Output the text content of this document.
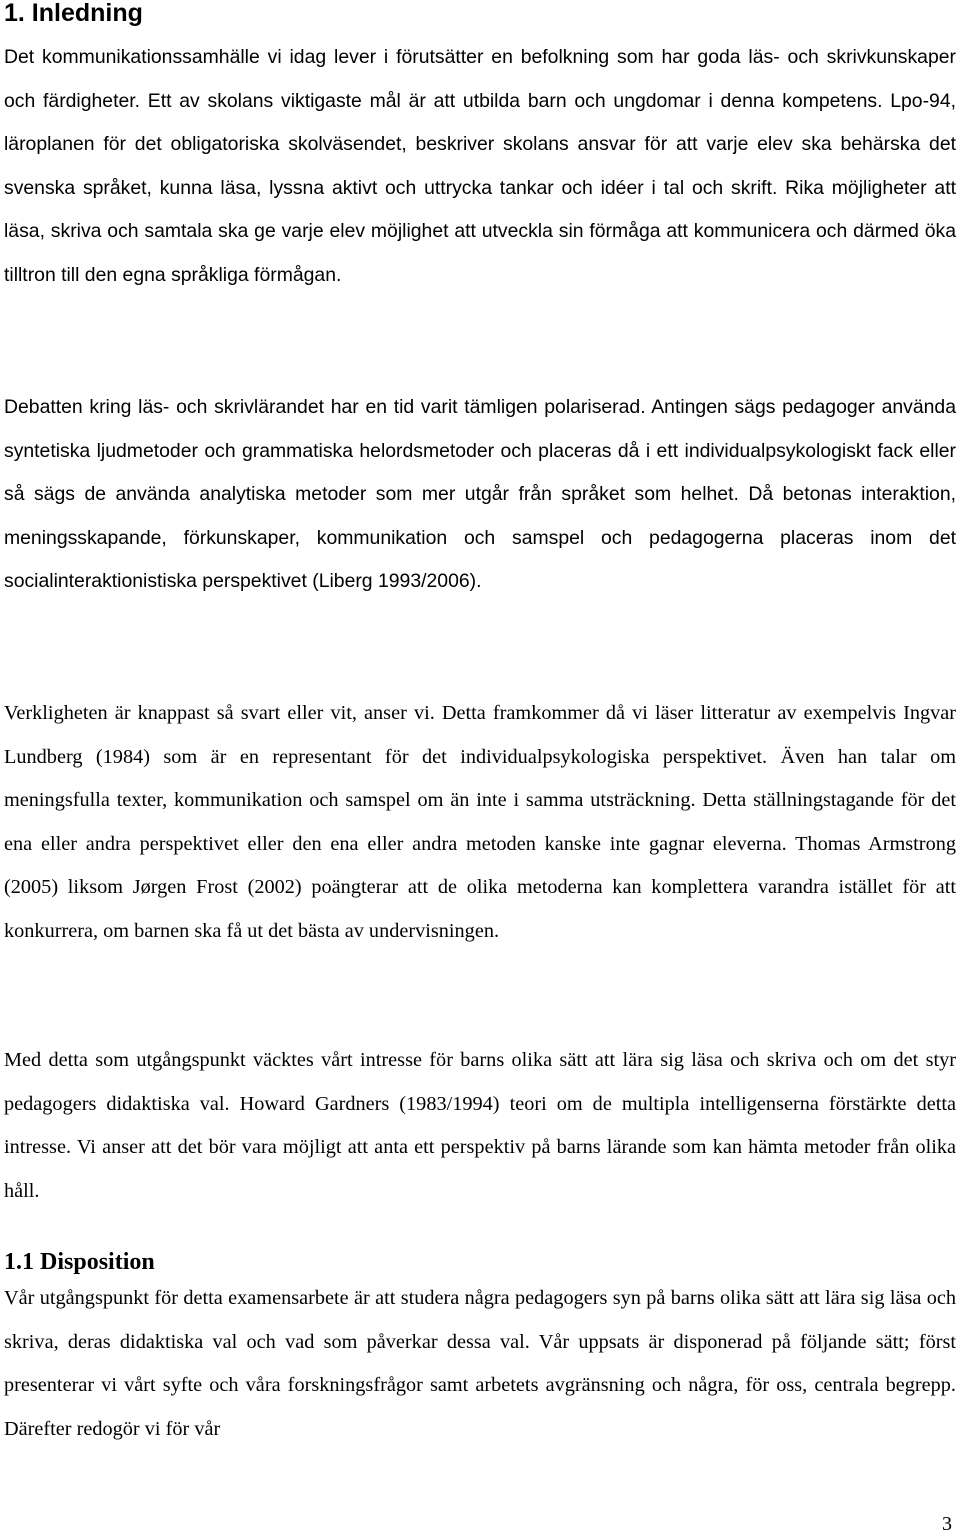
1. Inledning

Det kommunikationssamhälle vi idag lever i förutsätter en befolkning som har goda läs- och skrivkunskaper och färdigheter. Ett av skolans viktigaste mål är att utbilda barn och ungdomar i denna kompetens. Lpo-94, läroplanen för det obligatoriska skolväsendet, beskriver skolans ansvar för att varje elev ska behärska det svenska språket, kunna läsa, lyssna aktivt och uttrycka tankar och idéer i tal och skrift. Rika möjligheter att läsa, skriva och samtala ska ge varje elev möjlighet att utveckla sin förmåga att kommunicera och därmed öka tilltron till den egna språkliga förmågan.

Debatten kring läs- och skrivlärandet har en tid varit tämligen polariserad. Antingen sägs pedagoger använda syntetiska ljudmetoder och grammatiska helordsmetoder och placeras då i ett individualpsykologiskt fack eller så sägs de använda analytiska metoder som mer utgår från språket som helhet. Då betonas interaktion, meningsskapande, förkunskaper, kommunikation och samspel och pedagogerna placeras inom det socialinteraktionistiska perspektivet (Liberg 1993/2006).

Verkligheten är knappast så svart eller vit, anser vi. Detta framkommer då vi läser litteratur av exempelvis Ingvar Lundberg (1984) som är en representant för det individualpsykologiska perspektivet. Även han talar om meningsfulla texter, kommunikation och samspel om än inte i samma utsträckning. Detta ställningstagande för det ena eller andra perspektivet eller den ena eller andra metoden kanske inte gagnar eleverna. Thomas Armstrong (2005) liksom Jørgen Frost (2002) poängterar att de olika metoderna kan komplettera varandra istället för att konkurrera, om barnen ska få ut det bästa av undervisningen.

Med detta som utgångspunkt väcktes vårt intresse för barns olika sätt att lära sig läsa och skriva och om det styr pedagogers didaktiska val. Howard Gardners (1983/1994) teori om de multipla intelligenserna förstärkte detta intresse. Vi anser att det bör vara möjligt att anta ett perspektiv på barns lärande som kan hämta metoder från olika håll.

1.1 Disposition

Vår utgångspunkt för detta examensarbete är att studera några pedagogers syn på barns olika sätt att lära sig läsa och skriva, deras didaktiska val och vad som påverkar dessa val. Vår uppsats är disponerad på följande sätt; först presenterar vi vårt syfte och våra forskningsfrågor samt arbetets avgränsning och några, för oss, centrala begrepp. Därefter redogör vi för vår

3
